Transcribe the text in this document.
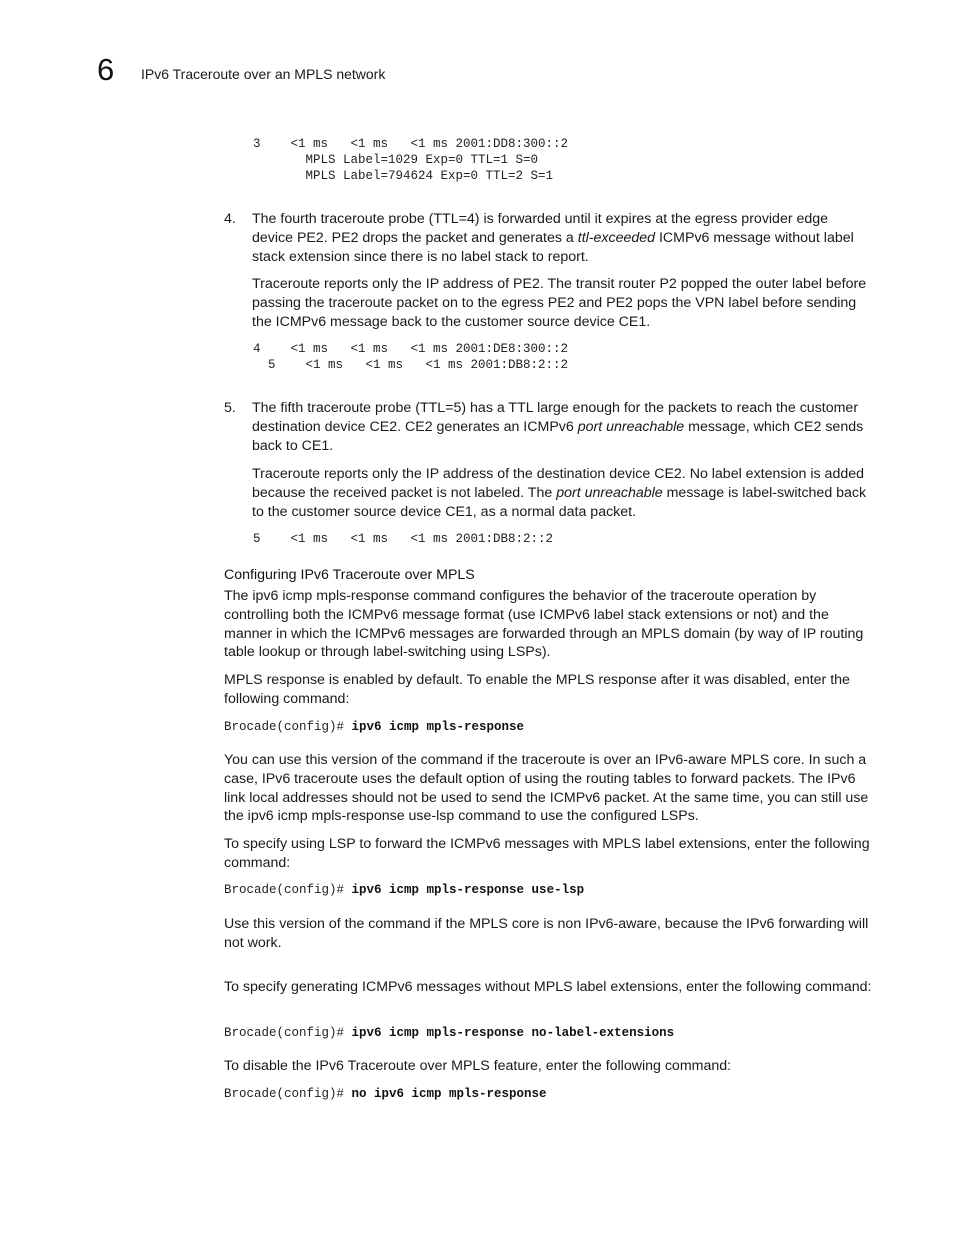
6 IPv6 Traceroute over an MPLS network
3    <1 ms   <1 ms   <1 ms 2001:DD8:300::2
MPLS Label=1029 Exp=0 TTL=1 S=0
MPLS Label=794624 Exp=0 TTL=2 S=1
4. The fourth traceroute probe (TTL=4) is forwarded until it expires at the egress provider edge device PE2. PE2 drops the packet and generates a ttl-exceeded ICMPv6 message without label stack extension since there is no label stack to report.

Traceroute reports only the IP address of PE2. The transit router P2 popped the outer label before passing the traceroute packet on to the egress PE2 and PE2 pops the VPN label before sending the ICMPv6 message back to the customer source device CE1.

4    <1 ms   <1 ms   <1 ms 2001:DE8:300::2
5    <1 ms   <1 ms   <1 ms 2001:DB8:2::2
5. The fifth traceroute probe (TTL=5) has a TTL large enough for the packets to reach the customer destination device CE2. CE2 generates an ICMPv6 port unreachable message, which CE2 sends back to CE1.

Traceroute reports only the IP address of the destination device CE2. No label extension is added because the received packet is not labeled. The port unreachable message is label-switched back to the customer source device CE1, as a normal data packet.

5    <1 ms   <1 ms   <1 ms 2001:DB8:2::2
Configuring IPv6 Traceroute over MPLS

The ipv6 icmp mpls-response command configures the behavior of the traceroute operation by controlling both the ICMPv6 message format (use ICMPv6 label stack extensions or not) and the manner in which the ICMPv6 messages are forwarded through an MPLS domain (by way of IP routing table lookup or through label-switching using LSPs).

MPLS response is enabled by default. To enable the MPLS response after it was disabled, enter the following command:

Brocade(config)# ipv6 icmp mpls-response

You can use this version of the command if the traceroute is over an IPv6-aware MPLS core. In such a case, IPv6 traceroute uses the default option of using the routing tables to forward packets. The IPv6 link local addresses should not be used to send the ICMPv6 packet. At the same time, you can still use the ipv6 icmp mpls-response use-lsp command to use the configured LSPs.

To specify using LSP to forward the ICMPv6 messages with MPLS label extensions, enter the following command:

Brocade(config)# ipv6 icmp mpls-response use-lsp

Use this version of the command if the MPLS core is non IPv6-aware, because the IPv6 forwarding will not work.

To specify generating ICMPv6 messages without MPLS label extensions, enter the following command:

Brocade(config)# ipv6 icmp mpls-response no-label-extensions

To disable the IPv6 Traceroute over MPLS feature, enter the following command:

Brocade(config)# no ipv6 icmp mpls-response
